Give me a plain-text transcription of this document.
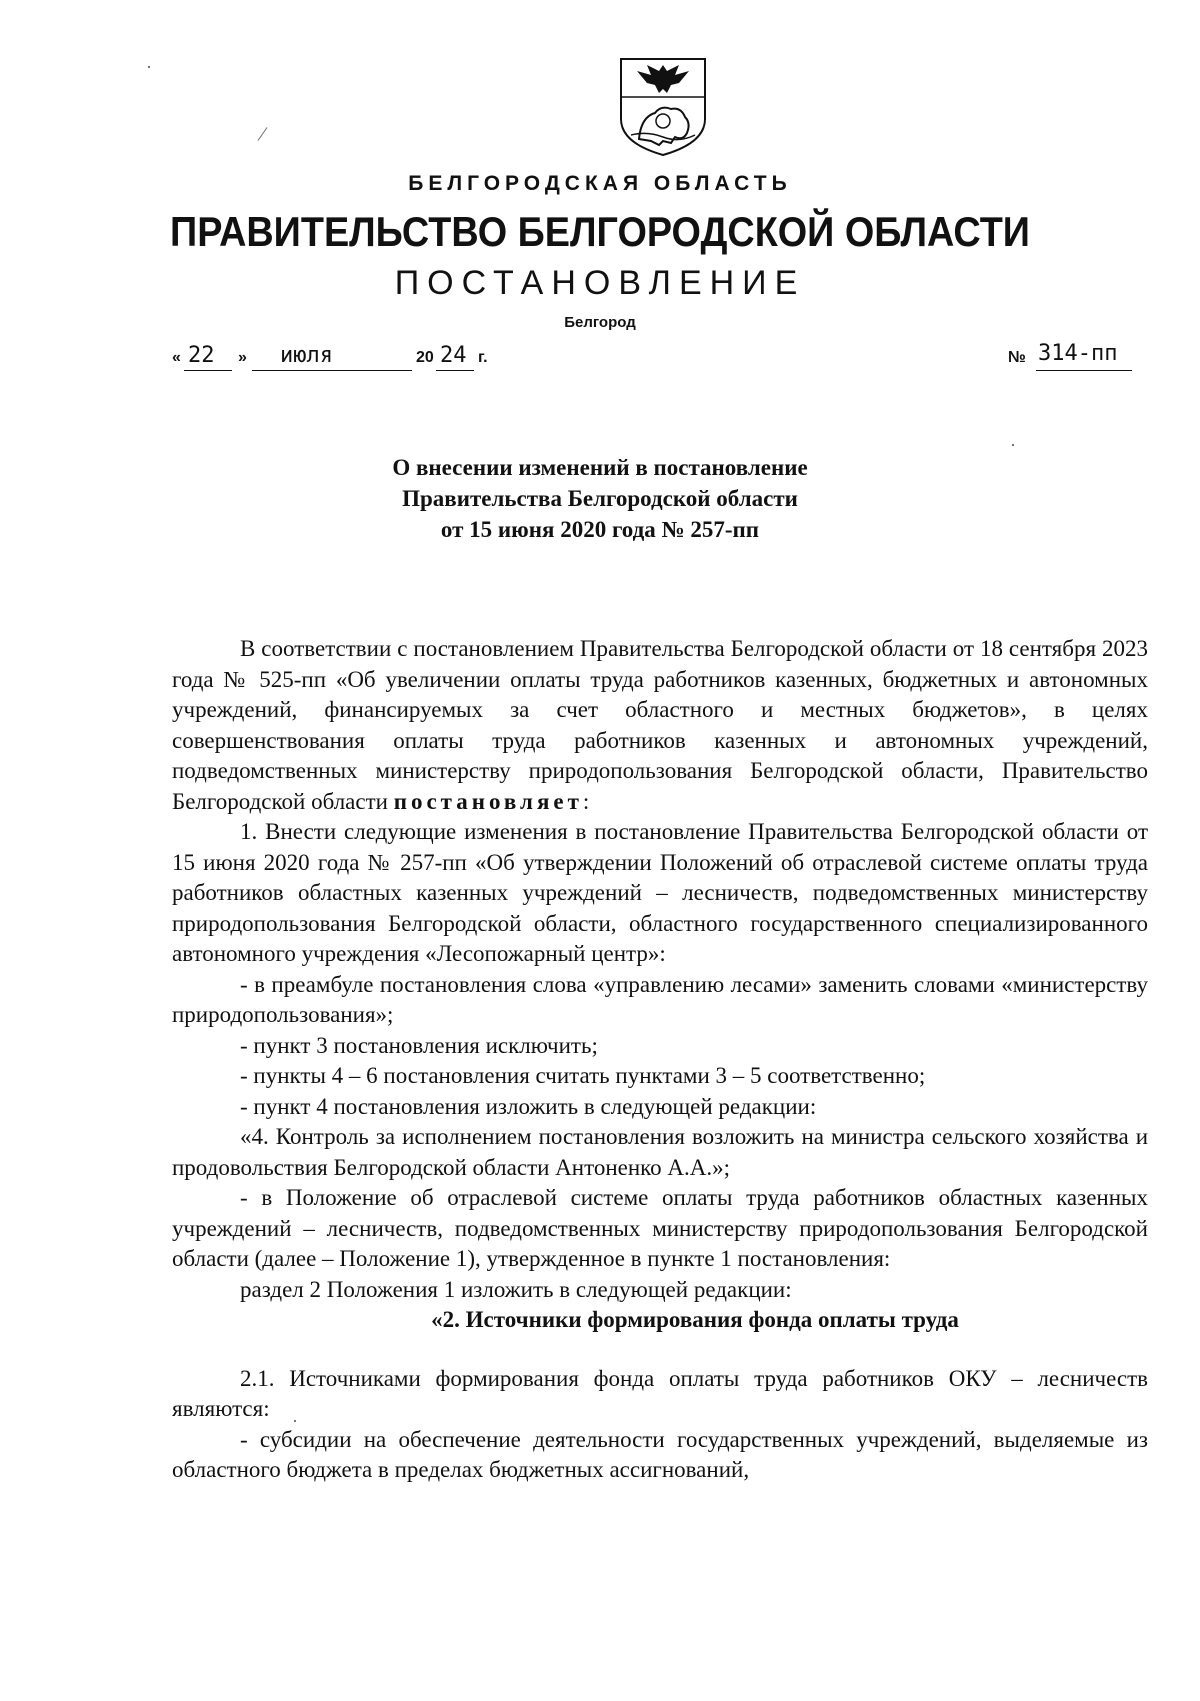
БЕЛГОРОДСКАЯ ОБЛАСТЬ
ПРАВИТЕЛЬСТВО БЕЛГОРОДСКОЙ ОБЛАСТИ
ПОСТАНОВЛЕНИЕ
Белгород
« 22 » июля	20 24 г.	№ 314-пп
О внесении изменений в постановление
Правительства Белгородской области
от 15 июня 2020 года № 257-пп

В соответствии с постановлением Правительства Белгородской области от 18 сентября 2023 года № 525-пп «Об увеличении оплаты труда работников казенных, бюджетных и автономных учреждений, финансируемых за счет областного и местных бюджетов», в целях совершенствования оплаты труда работников казенных и автономных учреждений, подведомственных министерству природопользования Белгородской области, Правительство Белгородской области постановляет:

1. Внести следующие изменения в постановление Правительства Белгородской области от 15 июня 2020 года № 257-пп «Об утверждении Положений об отраслевой системе оплаты труда работников областных казенных учреждений – лесничеств, подведомственных министерству природопользования Белгородской области, областного государственного специализированного автономного учреждения «Лесопожарный центр»:

- в преамбуле постановления слова «управлению лесами» заменить словами «министерству природопользования»;

- пункт 3 постановления исключить;

- пункты 4 – 6 постановления считать пунктами 3 – 5 соответственно;

- пункт 4 постановления изложить в следующей редакции:

«4. Контроль за исполнением постановления возложить на министра сельского хозяйства и продовольствия Белгородской области Антоненко А.А.»;

- в Положение об отраслевой системе оплаты труда работников областных казенных учреждений – лесничеств, подведомственных министерству природопользования Белгородской области (далее – Положение 1), утвержденное в пункте 1 постановления:

раздел 2 Положения 1 изложить в следующей редакции:

«2. Источники формирования фонда оплаты труда

2.1. Источниками формирования фонда оплаты труда работников ОКУ – лесничеств являются:

- субсидии на обеспечение деятельности государственных учреждений, выделяемые из областного бюджета в пределах бюджетных ассигнований,
